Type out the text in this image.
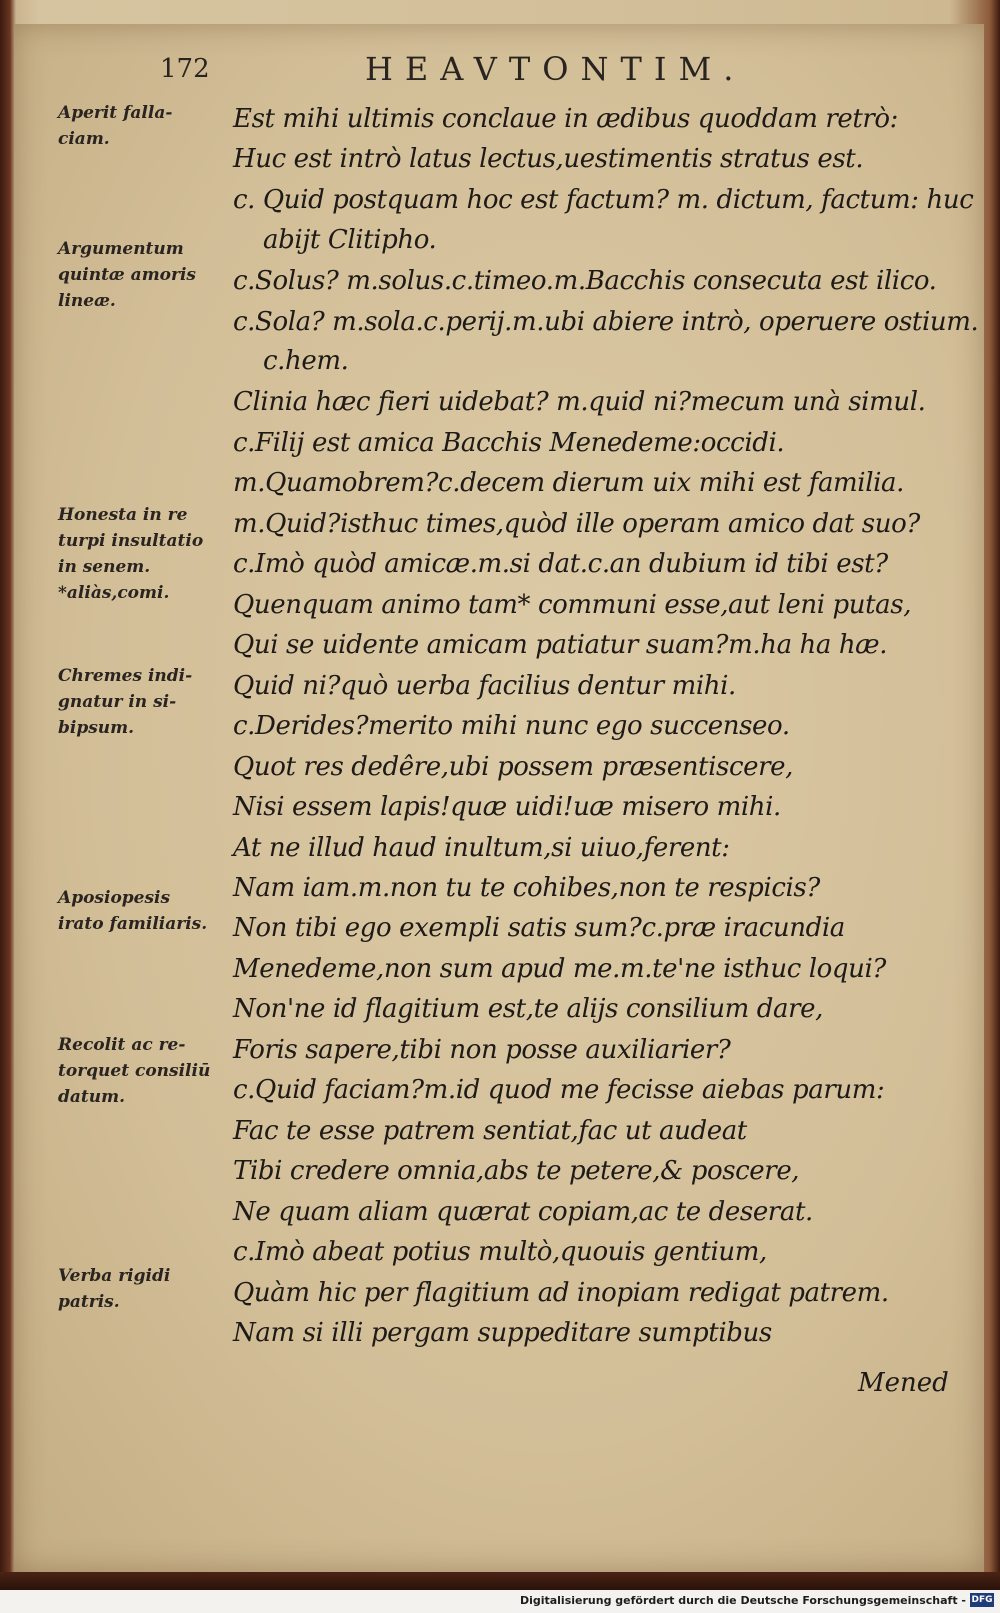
172	HEAVTONTIM.
Aperit falla-
ciam.
Argumentum
quintæ amoris
lineæ.
Honesta in re
turpi insultatio
in senem.
*aliàs,comi.
Chremes indi-
gnatur in si-
bipsum.
Aposiopesis
irato familiaris.
Recolit ac re-
torquet consiliū
datum.
Verba rigidi
patris.
Est mihi ultimis conclaue in ædibus quoddam retrò:
Huc est intrò latus lectus,uestimentis stratus est.
c. Quid postquam hoc est factum? m. dictum, factum: huc
abijt Clitipho.
c.Solus? m.solus.c.timeo.m.Bacchis consecuta est ilico.
c.Sola? m.sola.c.perij.m.ubi abiere intrò, operuere ostium.
c.hem.
Clinia hæc fieri uidebat? m.quid ni?mecum unà simul.
c.Filij est amica Bacchis Menedeme:occidi.
m.Quamobrem?c.decem dierum uix mihi est familia.
m.Quid?isthuc times,quòd ille operam amico dat suo?
c.Imò quòd amicæ.m.si dat.c.an dubium id tibi est?
Quenquam animo tam* communi esse,aut leni putas,
Qui se uidente amicam patiatur suam?m.ha ha hæ.
Quid ni?quò uerba facilius dentur mihi.
c.Derides?merito mihi nunc ego succenseo.
Quot res dedêre,ubi possem præsentiscere,
Nisi essem lapis!quæ uidi!uæ misero mihi.
At ne illud haud inultum,si uiuo,ferent:
Nam iam.m.non tu te cohibes,non te respicis?
Non tibi ego exempli satis sum?c.præ iracundia
Menedeme,non sum apud me.m.te'ne isthuc loqui?
Non'ne id flagitium est,te alijs consilium dare,
Foris sapere,tibi non posse auxiliarier?
c.Quid faciam?m.id quod me fecisse aiebas parum:
Fac te esse patrem sentiat,fac ut audeat
Tibi credere omnia,abs te petere,& poscere,
Ne quam aliam quærat copiam,ac te deserat.
c.Imò abeat potius multò,quouis gentium,
Quàm hic per flagitium ad inopiam redigat patrem.
Nam si illi pergam suppeditare sumptibus
Mened
Digitalisierung gefördert durch die Deutsche Forschungsgemeinschaft - DFG
